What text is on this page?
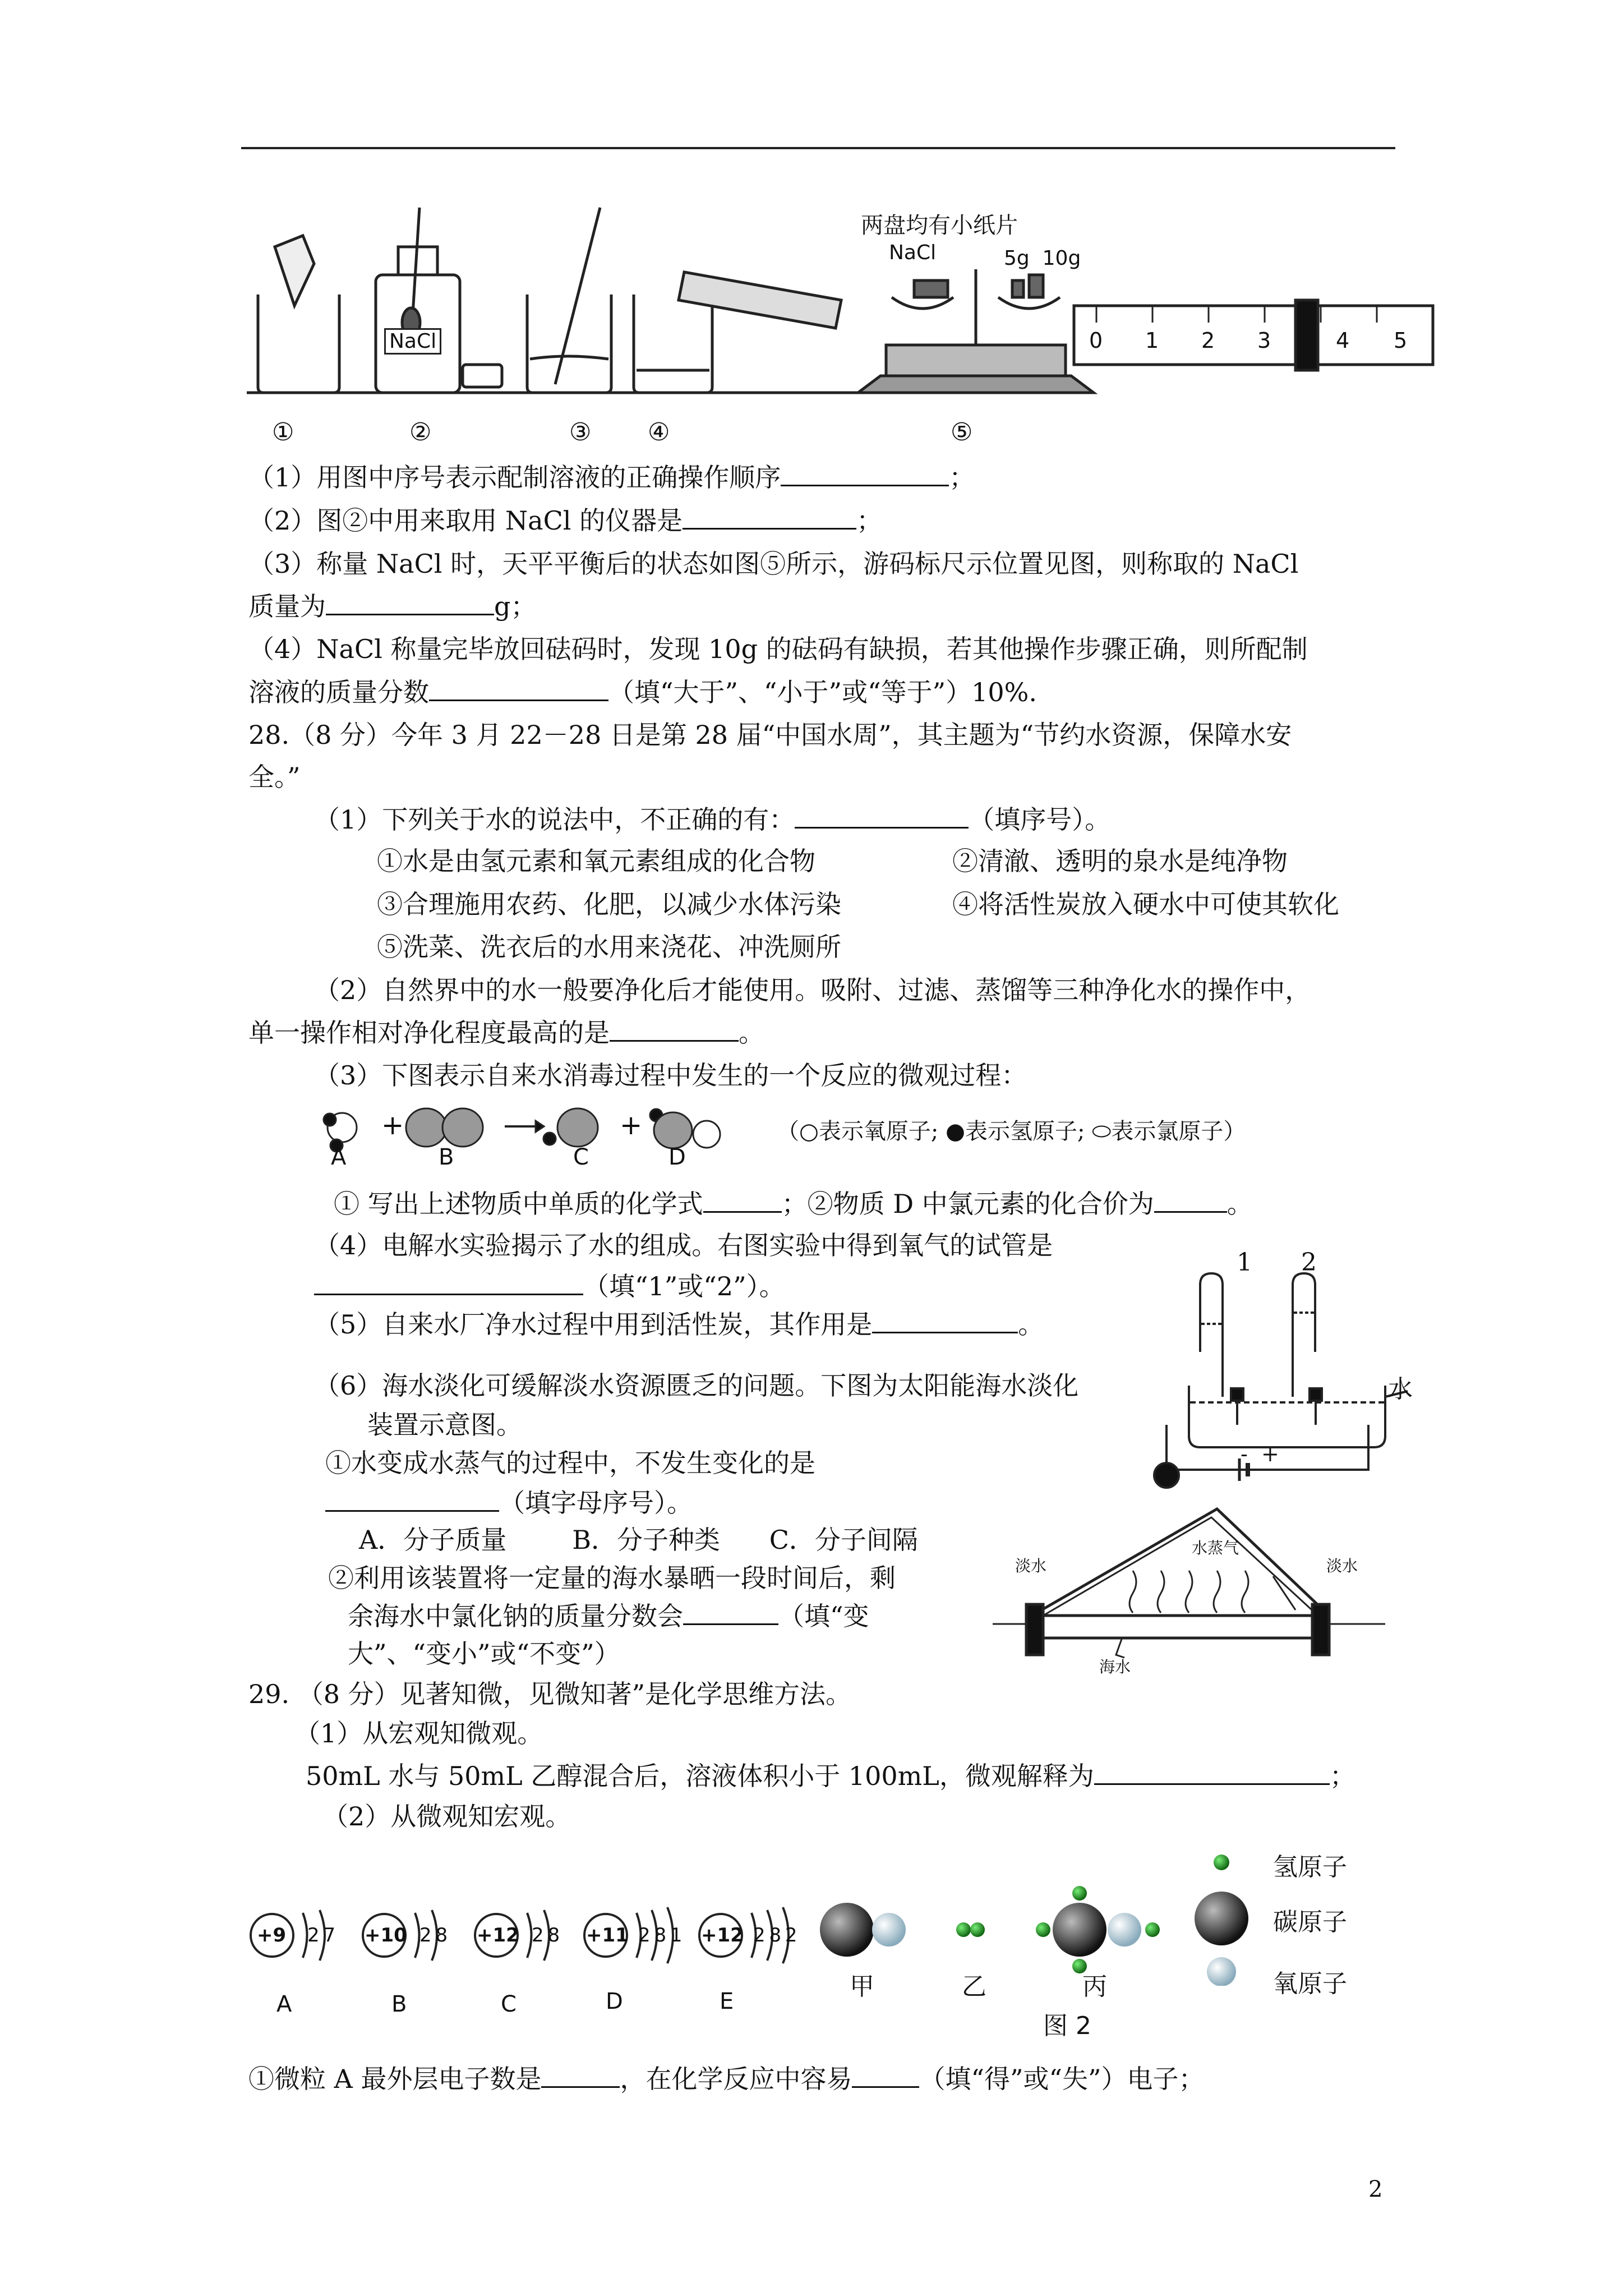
NaCl
两盘均有小纸片
NaCl	5g  10g
0 1 2 3	4 5
①	②	③ ④	⑤
（1）用图中序号表示配制溶液的正确操作顺序	；
（2）图②中用来取用 NaCl 的仪器是	；
（3）称量 NaCl 时，天平平衡后的状态如图⑤所示，游码标尺示位置见图，则称取的 NaCl
质量为	g；
（4）NaCl 称量完毕放回砝码时，发现 10g 的砝码有缺损，若其他操作步骤正确，则所配制
溶液的质量分数	（填“大于”、“小于”或“等于”）10%.
28.（8 分）今年 3 月 22－28 日是第 28 届“中国水周”，其主题为“节约水资源，保障水安
全。”
（1）下列关于水的说法中，不正确的有：	（填序号）。
①水是由氢元素和氧元素组成的化合物	②清澈、透明的泉水是纯净物
③合理施用农药、化肥，以减少水体污染	④将活性炭放入硬水中可使其软化
⑤洗菜、洗衣后的水用来浇花、冲洗厕所
（2）自然界中的水一般要净化后才能使用。吸附、过滤、蒸馏等三种净化水的操作中，
单一操作相对净化程度最高的是	。
（3）下图表示自来水消毒过程中发生的一个反应的微观过程：
+	+
A	B	C	D
（○表示氧原子; ●表示氢原子; ⬭表示氯原子）
① 写出上述物质中单质的化学式	；②物质 D 中氯元素的化合价为	。
（4）电解水实验揭示了水的组成。右图实验中得到氧气的试管是
（填“1”或“2”）。
（5）自来水厂净水过程中用到活性炭，其作用是	。
1 2
水
-  +
（6）海水淡化可缓解淡水资源匮乏的问题。下图为太阳能海水淡化
装置示意图。
①水变成水蒸气的过程中，不发生变化的是
（填字母序号）。
A．分子质量        B．分子种类      C．分子间隔
②利用该装置将一定量的海水暴晒一段时间后，剩
余海水中氯化钠的质量分数会	（填“变
大”、“变小”或“不变”）
淡水	淡水
水蒸气
海水
29. （8 分）见著知微，见微知著”是化学思维方法。
（1）从宏观知微观。
50mL 水与 50mL 乙醇混合后，溶液体积小于 100mL，微观解释为	；
（2）从微观知宏观。
+9 2 7 +10 2 8 +12 2 8 +11 2 8 1 +12 2 8 2
A	B	C	D	E
甲	乙	丙
图 2
氢原子
碳原子
氧原子
①微粒 A 最外层电子数是	，在化学反应中容易	（填“得”或“失”）电子；
2
